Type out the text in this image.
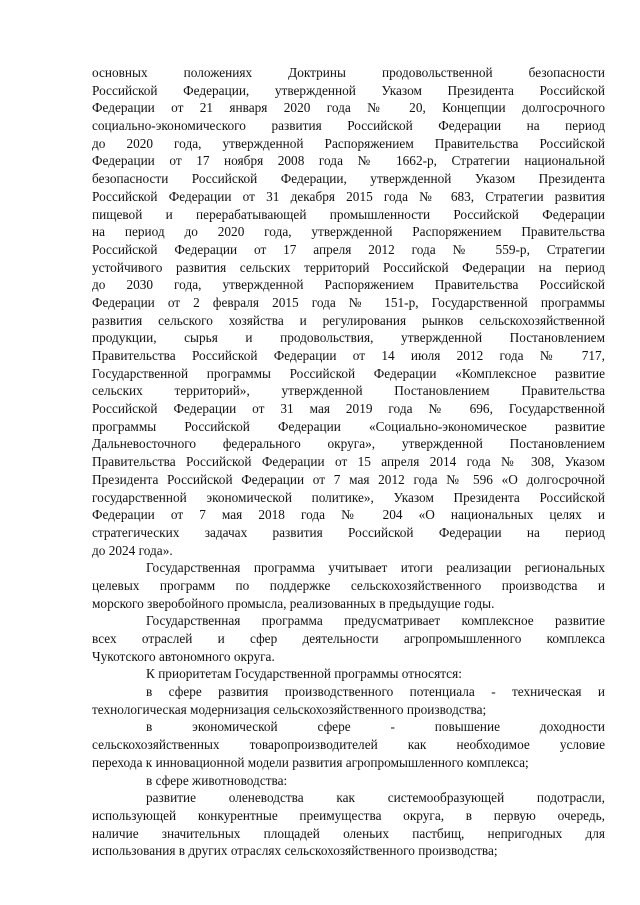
основных положениях Доктрины продовольственной безопасности
Российской Федерации, утвержденной Указом Президента Российской
Федерации от 21 января 2020 года № 20, Концепции долгосрочного
социально-экономического развития Российской Федерации на период
до 2020 года, утвержденной Распоряжением Правительства Российской
Федерации от 17 ноября 2008 года № 1662-р, Стратегии национальной
безопасности Российской Федерации, утвержденной Указом Президента
Российской Федерации от 31 декабря 2015 года № 683, Стратегии развития
пищевой и перерабатывающей промышленности Российской Федерации
на период до 2020 года, утвержденной Распоряжением Правительства
Российской Федерации от 17 апреля 2012 года № 559-р, Стратегии
устойчивого развития сельских территорий Российской Федерации на период
до 2030 года, утвержденной Распоряжением Правительства Российской
Федерации от 2 февраля 2015 года № 151-р, Государственной программы
развития сельского хозяйства и регулирования рынков сельскохозяйственной
продукции, сырья и продовольствия, утвержденной Постановлением
Правительства Российской Федерации от 14 июля 2012 года № 717,
Государственной программы Российской Федерации «Комплексное развитие
сельских территорий», утвержденной Постановлением Правительства
Российской Федерации от 31 мая 2019 года № 696, Государственной
программы Российской Федерации «Социально-экономическое развитие
Дальневосточного федерального округа», утвержденной Постановлением
Правительства Российской Федерации от 15 апреля 2014 года № 308, Указом
Президента Российской Федерации от 7 мая 2012 года № 596 «О долгосрочной
государственной экономической политике», Указом Президента Российской
Федерации от 7 мая 2018 года № 204 «О национальных целях и
стратегических задачах развития Российской Федерации на период
до 2024 года».
Государственная программа учитывает итоги реализации региональных
целевых программ по поддержке сельскохозяйственного производства и
морского зверобойного промысла, реализованных в предыдущие годы.
Государственная программа предусматривает комплексное развитие
всех отраслей и сфер деятельности агропромышленного комплекса
Чукотского автономного округа.
К приоритетам Государственной программы относятся:
в сфере развития производственного потенциала - техническая и
технологическая модернизация сельскохозяйственного производства;
в экономической сфере - повышение доходности
сельскохозяйственных товаропроизводителей как необходимое условие
перехода к инновационной модели развития агропромышленного комплекса;
в сфере животноводства:
развитие оленеводства как системообразующей подотрасли,
использующей конкурентные преимущества округа, в первую очередь,
наличие значительных площадей оленьих пастбищ, непригодных для
использования в других отраслях сельскохозяйственного производства;
